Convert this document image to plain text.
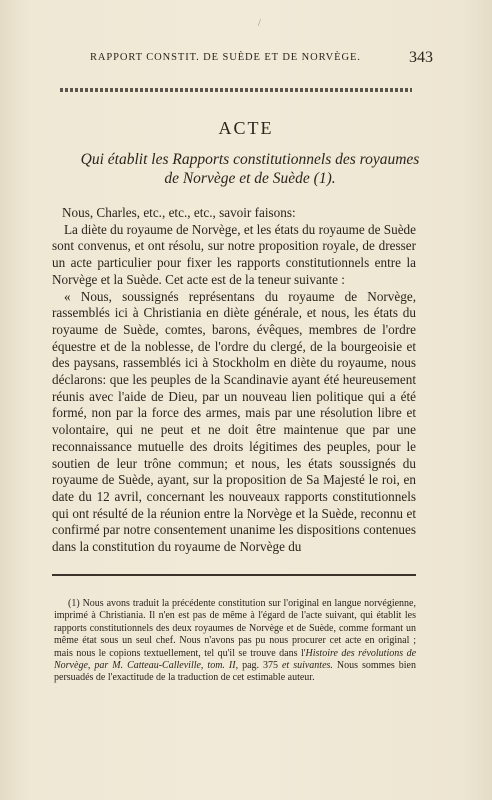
/
RAPPORT CONSTIT. DE SUÈDE ET DE NORVÈGE.	343
ACTE
Qui établit les Rapports constitutionnels des royaumes
de Norvège et de Suède (1).

Nous, Charles, etc., etc., etc., savoir faisons:

La diète du royaume de Norvège, et les états du royaume de Suède sont convenus, et ont résolu, sur notre proposition royale, de dresser un acte particulier pour fixer les rapports constitutionnels entre la Norvège et la Suède. Cet acte est de la teneur suivante :

« Nous, soussignés représentans du royaume de Norvège, rassemblés ici à Christiania en diète générale, et nous, les états du royaume de Suède, comtes, barons, évêques, membres de l'ordre équestre et de la noblesse, de l'ordre du clergé, de la bourgeoisie et des paysans, rassemblés ici à Stockholm en diète du royaume, nous déclarons: que les peuples de la Scandinavie ayant été heureusement réunis avec l'aide de Dieu, par un nouveau lien politique qui a été formé, non par la force des armes, mais par une résolution libre et volontaire, qui ne peut et ne doit être maintenue que par une reconnaissance mutuelle des droits légitimes des peuples, pour le soutien de leur trône commun; et nous, les états soussignés du royaume de Suède, ayant, sur la proposition de Sa Majesté le roi, en date du 12 avril, concernant les nouveaux rapports constitutionnels qui ont résulté de la réunion entre la Norvège et la Suède, reconnu et confirmé par notre consentement unanime les dispositions contenues dans la constitution du royaume de Norvège du

(1) Nous avons traduit la précédente constitution sur l'original en langue norvégienne, imprimé à Christiania. Il n'en est pas de même à l'égard de l'acte suivant, qui établit les rapports constitutionnels des deux royaumes de Norvège et de Suède, comme formant un même état sous un seul chef. Nous n'avons pas pu nous procurer cet acte en original ; mais nous le copions textuellement, tel qu'il se trouve dans l'Histoire des révolutions de Norvège, par M. Catteau-Calleville, tom. II, pag. 375 et suivantes. Nous sommes bien persuadés de l'exactitude de la traduction de cet estimable auteur.
